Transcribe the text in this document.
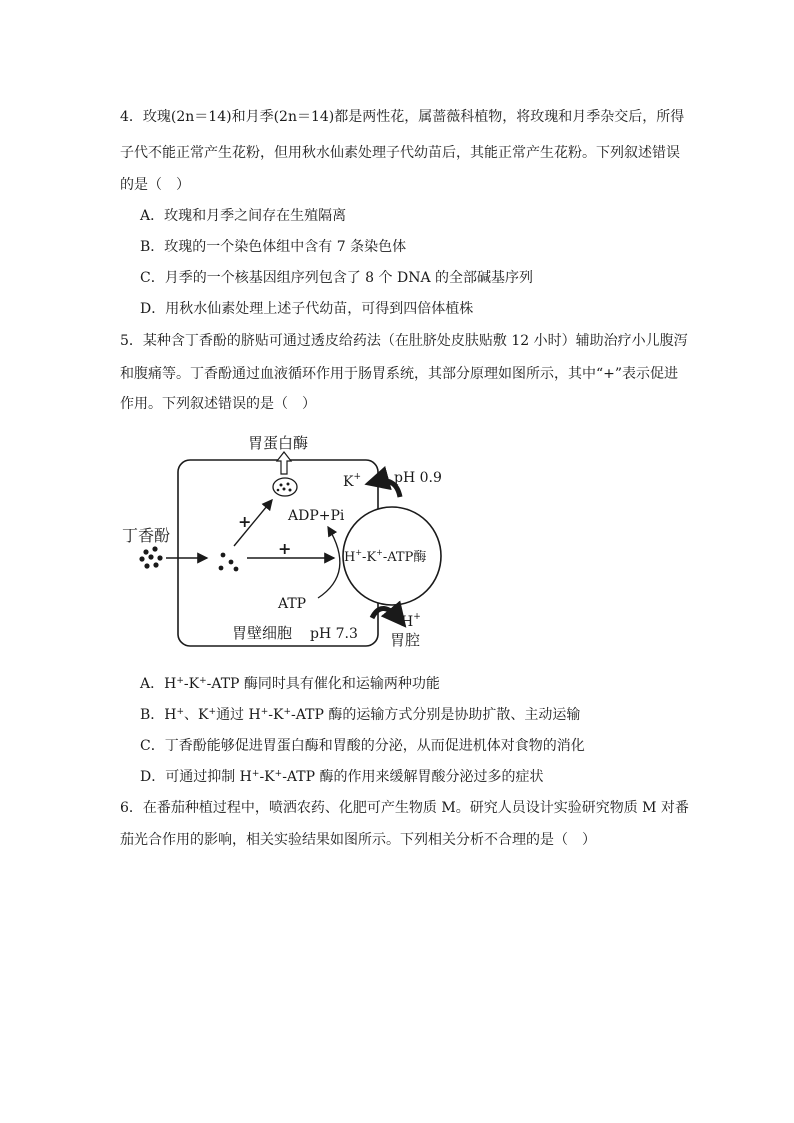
4．玫瑰(2n＝14)和月季(2n＝14)都是两性花，属蔷薇科植物，将玫瑰和月季杂交后，所得
子代不能正常产生花粉，但用秋水仙素处理子代幼苗后，其能正常产生花粉。下列叙述错误
的是（　）
A．玫瑰和月季之间存在生殖隔离
B．玫瑰的一个染色体组中含有 7 条染色体
C．月季的一个核基因组序列包含了 8 个 DNA 的全部碱基序列
D．用秋水仙素处理上述子代幼苗，可得到四倍体植株
5．某种含丁香酚的脐贴可通过透皮给药法（在肚脐处皮肤贴敷 12 小时）辅助治疗小儿腹泻
和腹痛等。丁香酚通过血液循环作用于肠胃系统，其部分原理如图所示，其中“+”表示促进
作用。下列叙述错误的是（　）
胃蛋白酶
丁香酚
+
+	H+-K+-ATP酶
ADP+Pi
ATP
K+ pH 0.9
H+
胃腔
胃壁细胞 pH 7.3
A．H+-K+-ATP 酶同时具有催化和运输两种功能
B．H+、K+通过 H+-K+-ATP 酶的运输方式分别是协助扩散、主动运输
C．丁香酚能够促进胃蛋白酶和胃酸的分泌，从而促进机体对食物的消化
D．可通过抑制 H+-K+-ATP 酶的作用来缓解胃酸分泌过多的症状
6．在番茄种植过程中，喷洒农药、化肥可产生物质 M。研究人员设计实验研究物质 M 对番
茄光合作用的影响，相关实验结果如图所示。下列相关分析不合理的是（　）
